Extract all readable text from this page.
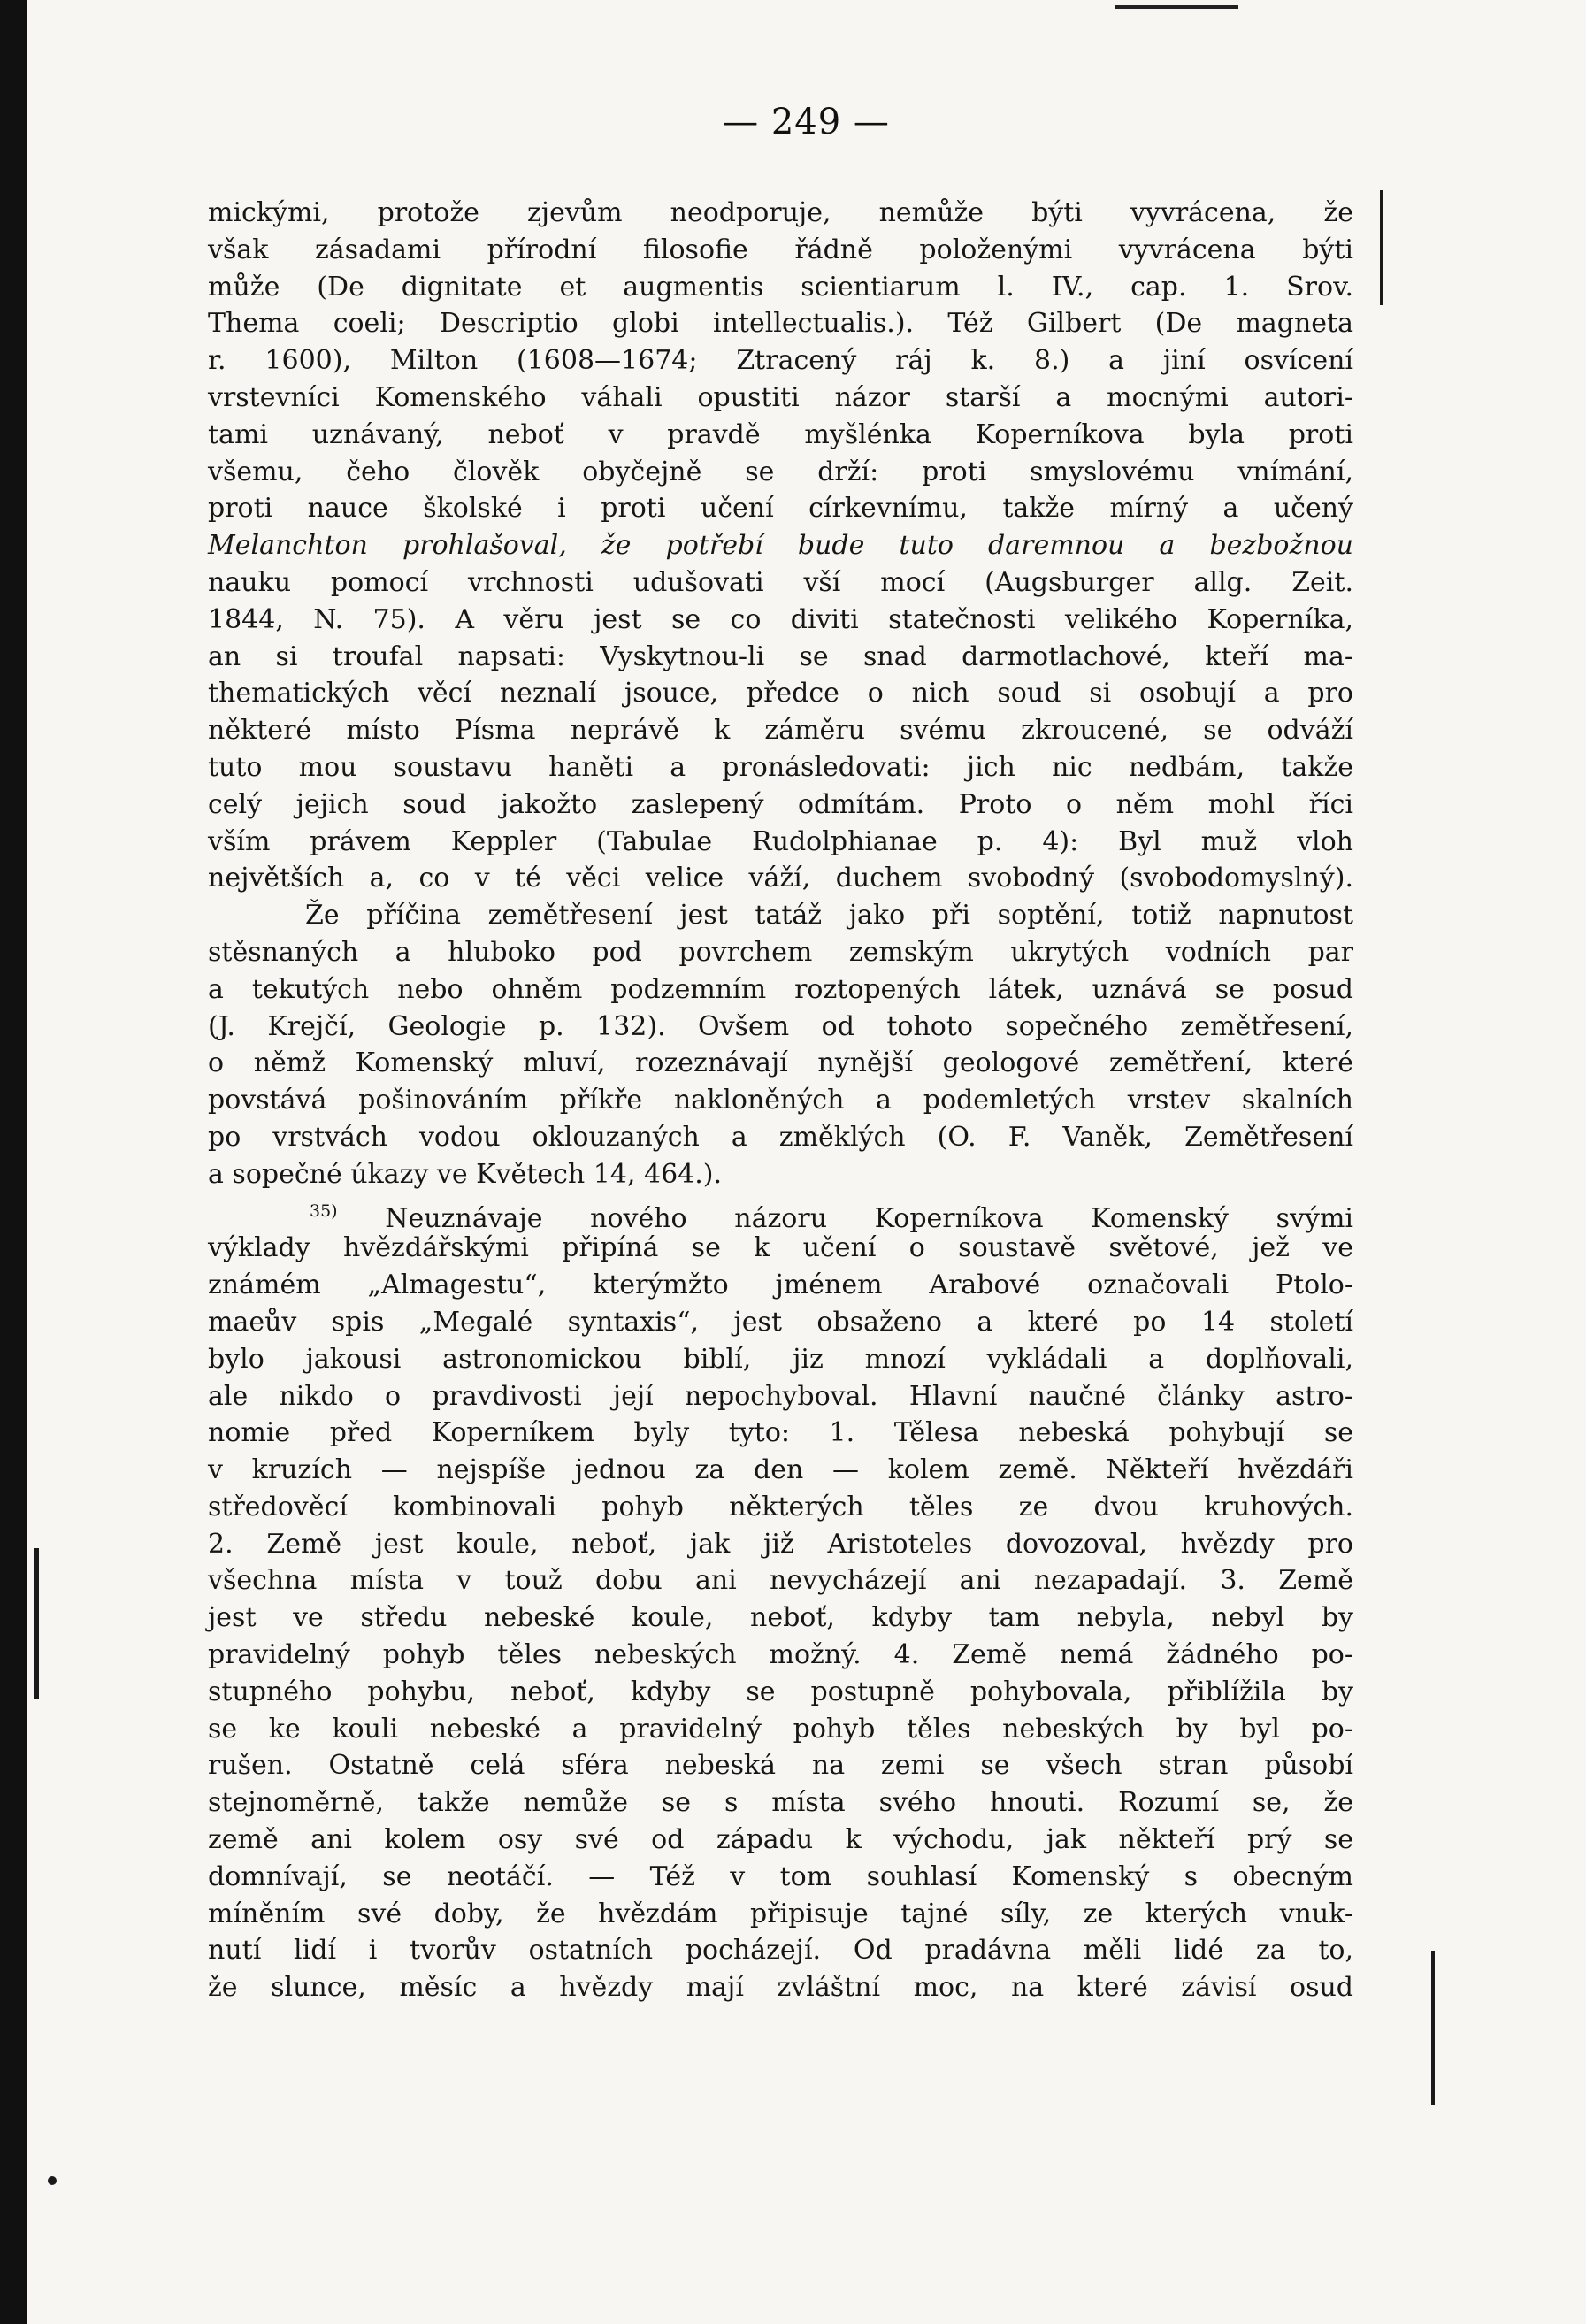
— 249 —
mickými, protože zjevům neodporuje, nemůže býti vyvrácena, že
však zásadami přírodní filosofie řádně položenými vyvrácena býti
může (De dignitate et augmentis scientiarum l. IV., cap. 1. Srov.
Thema coeli; Descriptio globi intellectualis.). Též Gilbert (De magneta
r. 1600), Milton (1608—1674; Ztracený ráj k. 8.) a jiní osvícení
vrstevníci Komenského váhali opustiti názor starší a mocnými autori-
tami uznávaný, neboť v pravdě myšlénka Koperníkova byla proti
všemu, čeho člověk obyčejně se drží: proti smyslovému vnímání,
proti nauce školské i proti učení církevnímu, takže mírný a učený
Melanchton prohlašoval, že potřebí bude tuto daremnou a bezbožnou
nauku pomocí vrchnosti udušovati vší mocí (Augsburger allg. Zeit.
1844, N. 75). A věru jest se co diviti statečnosti velikého Koperníka,
an si troufal napsati: Vyskytnou-li se snad darmotlachové, kteří ma-
thematických věcí neznalí jsouce, předce o nich soud si osobují a pro
některé místo Písma neprávě k záměru svému zkroucené, se odváží
tuto mou soustavu haněti a pronásledovati: jich nic nedbám, takže
celý jejich soud jakožto zaslepený odmítám. Proto o něm mohl říci
vším právem Keppler (Tabulae Rudolphianae p. 4): Byl muž vloh
největších a, co v té věci velice váží, duchem svobodný (svobodomyslný).
Že příčina zemětřesení jest tatáž jako při soptění, totiž napnutost
stěsnaných a hluboko pod povrchem zemským ukrytých vodních par
a tekutých nebo ohněm podzemním roztopených látek, uznává se posud
(J. Krejčí, Geologie p. 132). Ovšem od tohoto sopečného zemětřesení,
o němž Komenský mluví, rozeznávají nynější geologové zemětření, které
povstává pošinováním příkře nakloněných a podemletých vrstev skalních
po vrstvách vodou oklouzaných a změklých (O. F. Vaněk, Zemětřesení
a sopečné úkazy ve Květech 14, 464.).
$^{35)}$ Neuznávaje nového názoru Koperníkova Komenský svými
výklady hvězdářskými připíná se k učení o soustavě světové, jež ve
známém „Almagestu“, kterýmžto jménem Arabové označovali Ptolo-
maeův spis „Megalé syntaxis“, jest obsaženo a které po 14 století
bylo jakousi astronomickou biblí, jiz mnozí vykládali a doplňovali,
ale nikdo o pravdivosti její nepochyboval. Hlavní naučné články astro-
nomie před Koperníkem byly tyto: 1. Tělesa nebeská pohybují se
v kruzích — nejspíše jednou za den — kolem země. Někteří hvězdáři
středověcí kombinovali pohyb některých těles ze dvou kruhových.
2. Země jest koule, neboť, jak již Aristoteles dovozoval, hvězdy pro
všechna místa v touž dobu ani nevycházejí ani nezapadají. 3. Země
jest ve středu nebeské koule, neboť, kdyby tam nebyla, nebyl by
pravidelný pohyb těles nebeských možný. 4. Země nemá žádného po-
stupného pohybu, neboť, kdyby se postupně pohybovala, přiblížila by
se ke kouli nebeské a pravidelný pohyb těles nebeských by byl po-
rušen. Ostatně celá sféra nebeská na zemi se všech stran působí
stejnoměrně, takže nemůže se s místa svého hnouti. Rozumí se, že
země ani kolem osy své od západu k východu, jak někteří prý se
domnívají, se neotáčí. — Též v tom souhlasí Komenský s obecným
míněním své doby, že hvězdám připisuje tajné síly, ze kterých vnuk-
nutí lidí i tvorův ostatních pocházejí. Od pradávna měli lidé za to,
že slunce, měsíc a hvězdy mají zvláštní moc, na které závisí osud
